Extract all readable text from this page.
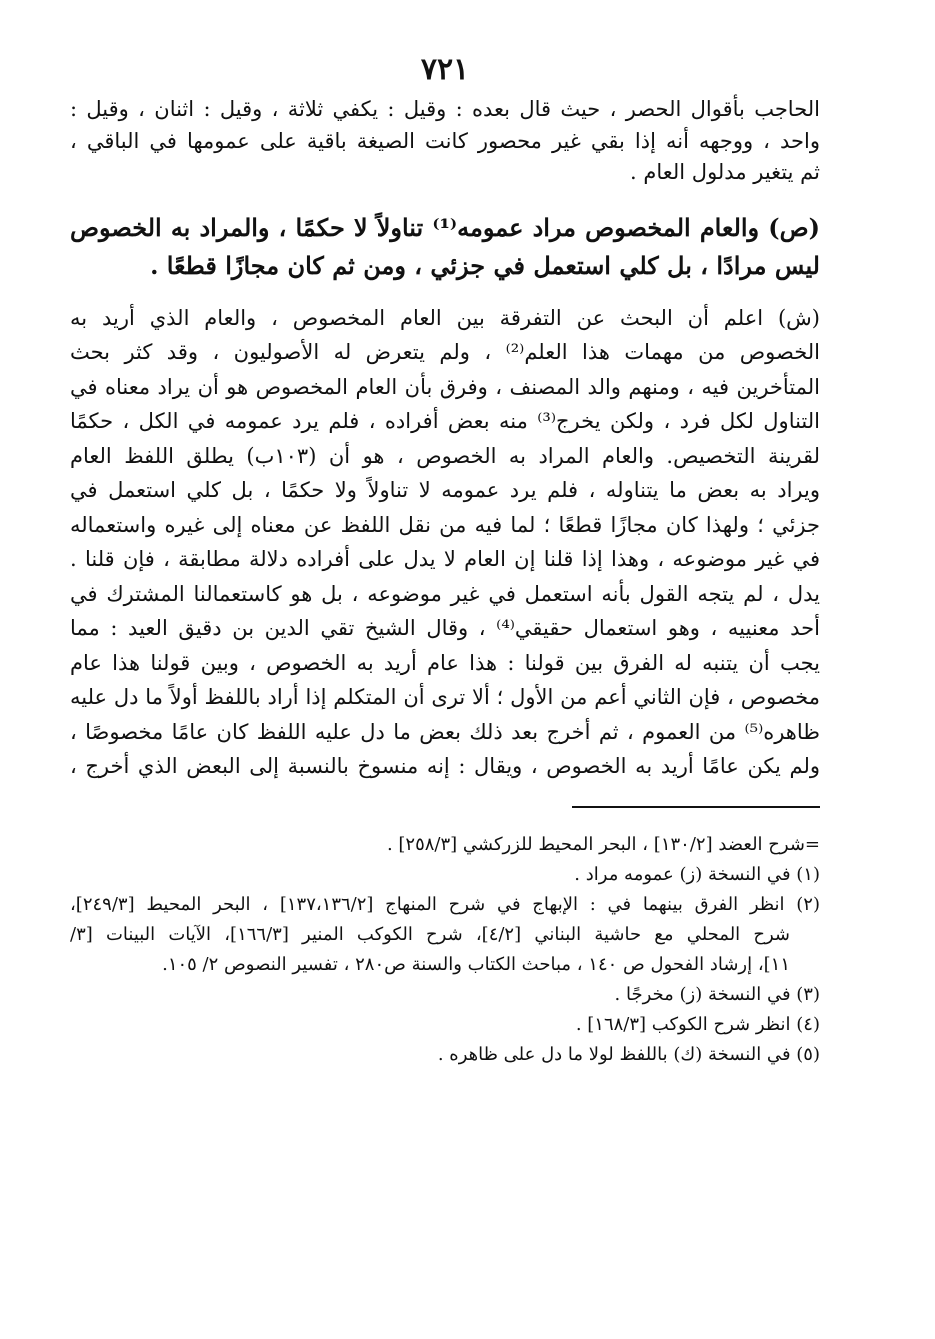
٧٢١
الحاجب بأقوال الحصر ، حيث قال بعده : وقيل : يكفي ثلاثة ، وقيل : اثنان ، وقيل :
واحد ، ووجهه أنه إذا بقي غير محصور كانت الصيغة باقية على عمومها في الباقي ،
ثم يتغير مدلول العام .
(ص) والعام المخصوص مراد عمومه⁽¹⁾ تناولاً لا حكمًا ، والمراد به الخصوص
ليس مرادًا ، بل كلي استعمل في جزئي ، ومن ثم كان مجازًا قطعًا .
(ش) اعلم أن البحث عن التفرقة بين العام المخصوص ، والعام الذي أريد به
الخصوص من مهمات هذا العلم⁽²⁾ ، ولم يتعرض له الأصوليون ، وقد كثر بحث
المتأخرين فيه ، ومنهم والد المصنف ، وفرق بأن العام المخصوص هو أن يراد معناه في
التناول لكل فرد ، ولكن يخرج⁽³⁾ منه بعض أفراده ، فلم يرد عمومه في الكل ، حكمًا
لقرينة التخصيص. والعام المراد به الخصوص ، هو أن (١٠٣ب) يطلق اللفظ العام
ويراد به بعض ما يتناوله ، فلم يرد عمومه لا تناولاً ولا حكمًا ، بل كلي استعمل في
جزئي ؛ ولهذا كان مجازًا قطعًا ؛ لما فيه من نقل اللفظ عن معناه إلى غيره واستعماله
في غير موضوعه ، وهذا إذا قلنا إن العام لا يدل على أفراده دلالة مطابقة ، فإن قلنا .
يدل ، لم يتجه القول بأنه استعمل في غير موضوعه ، بل هو كاستعمالنا المشترك في
أحد معنييه ، وهو استعمال حقيقي⁽⁴⁾ ، وقال الشيخ تقي الدين بن دقيق العيد : مما
يجب أن يتنبه له الفرق بين قولنا : هذا عام أريد به الخصوص ، وبين قولنا هذا عام
مخصوص ، فإن الثاني أعم من الأول ؛ ألا ترى أن المتكلم إذا أراد باللفظ أولاً ما دل عليه
ظاهره⁽⁵⁾ من العموم ، ثم أخرج بعد ذلك بعض ما دل عليه اللفظ كان عامًا مخصوصًا ،
ولم يكن عامًا أريد به الخصوص ، ويقال : إنه منسوخ بالنسبة إلى البعض الذي أخرج ،
=شرح العضد [١٣٠/٢] ، البحر المحيط للزركشي [٢٥٨/٣] .
(١) في النسخة (ز) عمومه مراد .
(٢) انظر الفرق بينهما في : الإبهاج في شرح المنهاج [١٣٧،١٣٦/٢] ، البحر المحيط [٢٤٩/٣]،
شرح المحلي مع حاشية البناني [٤/٢]، شرح الكوكب المنير [١٦٦/٣]، الآيات البينات [٣/
١١]، إرشاد الفحول ص ١٤٠ ، مباحث الكتاب والسنة ص٢٨٠ ، تفسير النصوص ٢/ ١٠٥.
(٣) في النسخة (ز) مخرجًا .
(٤) انظر شرح الكوكب [١٦٨/٣] .
(٥) في النسخة (ك) باللفظ لولا ما دل على ظاهره .
